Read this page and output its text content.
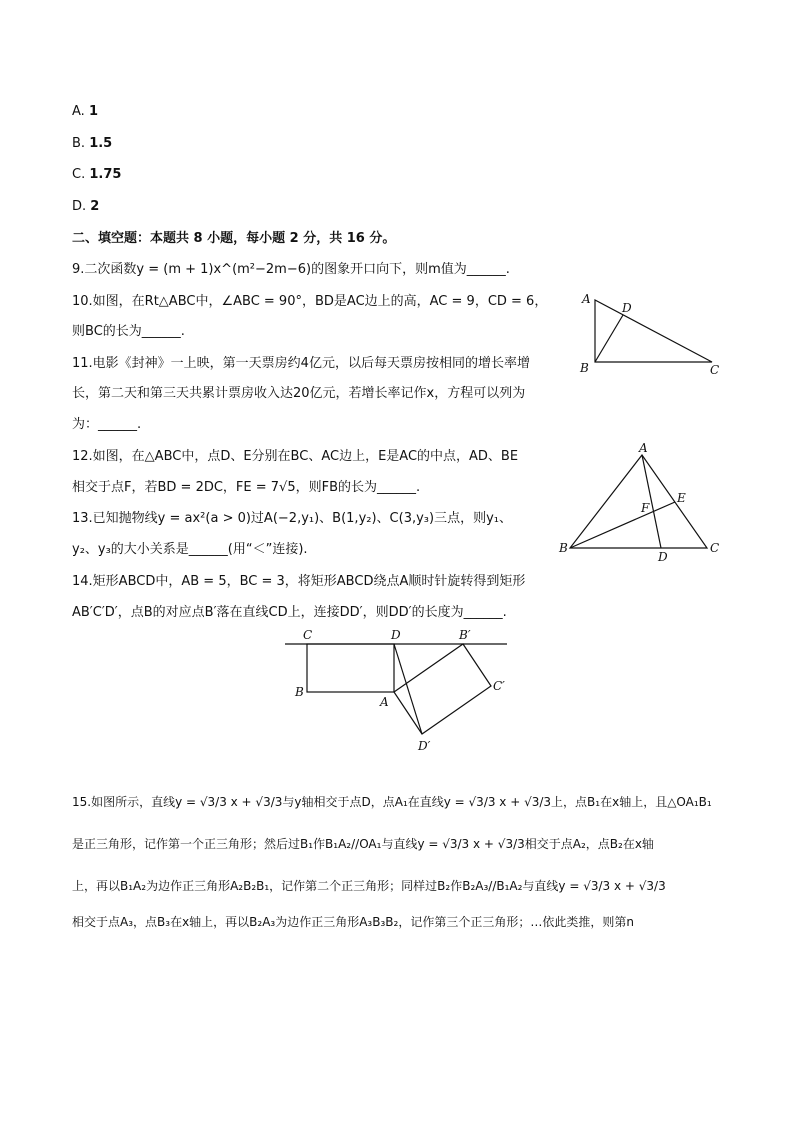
A. 1
B. 1.5
C. 1.75
D. 2
二、填空题：本题共 8 小题，每小题 2 分，共 16 分。
9.二次函数y = (m + 1)x^(m²−2m−6)的图象开口向下，则m值为______.
10.如图，在Rt△ABC中，∠ABC = 90°，BD是AC边上的高，AC = 9，CD = 6，
则BC的长为______.
11.电影《封神》一上映，第一天票房约4亿元，以后每天票房按相同的增长率增
长，第二天和第三天共累计票房收入达20亿元，若增长率记作x，方程可以列为
为：______.
12.如图，在△ABC中，点D、E分别在BC、AC边上，E是AC的中点，AD、BE
相交于点F，若BD = 2DC，FE = 7√5，则FB的长为______.
13.已知抛物线y = ax²(a > 0)过A(−2,y₁)、B(1,y₂)、C(3,y₃)三点，则y₁、
y₂、y₃的大小关系是______(用“＜”连接).
14.矩形ABCD中，AB = 5，BC = 3，将矩形ABCD绕点A顺时针旋转得到矩形
AB′C′D′，点B的对应点B′落在直线CD上，连接DD′，则DD′的长度为______.
15.如图所示，直线y = √3/3 x + √3/3与y轴相交于点D，点A₁在直线y = √3/3 x + √3/3上，点B₁在x轴上，且△OA₁B₁
是正三角形，记作第一个正三角形；然后过B₁作B₁A₂//OA₁与直线y = √3/3 x + √3/3相交于点A₂，点B₂在x轴
上，再以B₁A₂为边作正三角形A₂B₂B₁，记作第二个正三角形；同样过B₂作B₂A₃//B₁A₂与直线y = √3/3 x + √3/3
相交于点A₃，点B₃在x轴上，再以B₂A₃为边作正三角形A₃B₃B₂，记作第三个正三角形；…依此类推，则第n
A
D
B	C
A
E
F
B
D
C
C	D	B′
B
A
C′
D′
